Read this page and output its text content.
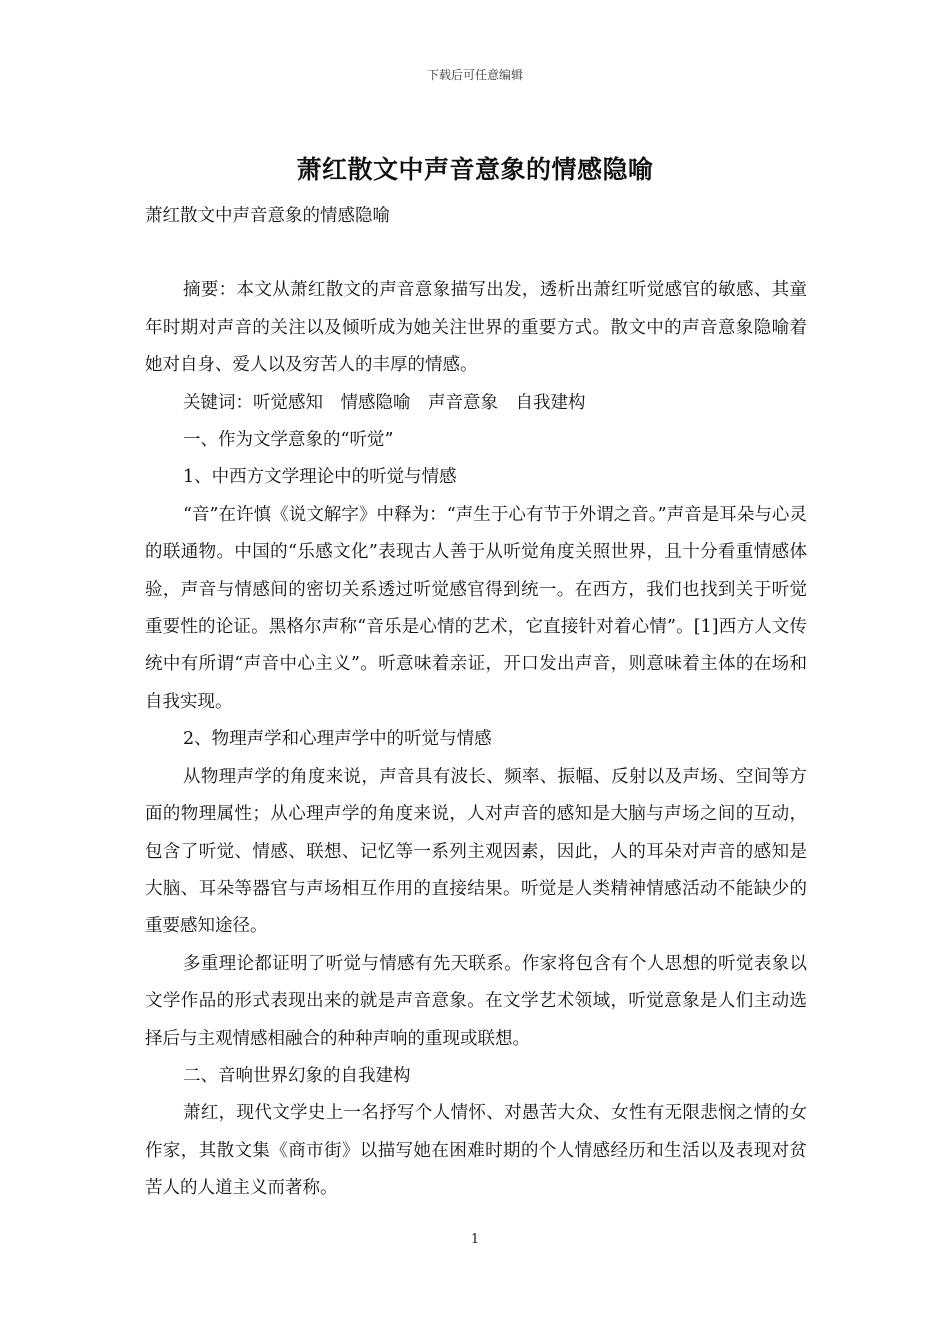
下载后可任意编辑
萧红散文中声音意象的情感隐喻

萧红散文中声音意象的情感隐喻

摘要：本文从萧红散文的声音意象描写出发，透析出萧红听觉感官的敏感、其童年时期对声音的关注以及倾听成为她关注世界的重要方式。散文中的声音意象隐喻着她对自身、爱人以及穷苦人的丰厚的情感。

关键词：听觉感知　情感隐喻　声音意象　自我建构

一、作为文学意象的“听觉”

1、中西方文学理论中的听觉与情感

“音”在许慎《说文解字》中释为：“声生于心有节于外谓之音。”声音是耳朵与心灵的联通物。中国的“乐感文化”表现古人善于从听觉角度关照世界，且十分看重情感体验，声音与情感间的密切关系透过听觉感官得到统一。在西方，我们也找到关于听觉重要性的论证。黑格尔声称“音乐是心情的艺术，它直接针对着心情”。[1]西方人文传统中有所谓“声音中心主义”。听意味着亲证，开口发出声音，则意味着主体的在场和自我实现。

2、物理声学和心理声学中的听觉与情感

从物理声学的角度来说，声音具有波长、频率、振幅、反射以及声场、空间等方面的物理属性；从心理声学的角度来说，人对声音的感知是大脑与声场之间的互动，包含了听觉、情感、联想、记忆等一系列主观因素，因此，人的耳朵对声音的感知是大脑、耳朵等器官与声场相互作用的直接结果。听觉是人类精神情感活动不能缺少的重要感知途径。

多重理论都证明了听觉与情感有先天联系。作家将包含有个人思想的听觉表象以文学作品的形式表现出来的就是声音意象。在文学艺术领域，听觉意象是人们主动选择后与主观情感相融合的种种声响的重现或联想。

二、音响世界幻象的自我建构

萧红，现代文学史上一名抒写个人情怀、对愚苦大众、女性有无限悲悯之情的女作家，其散文集《商市街》以描写她在困难时期的个人情感经历和生活以及表现对贫苦人的人道主义而著称。

1
